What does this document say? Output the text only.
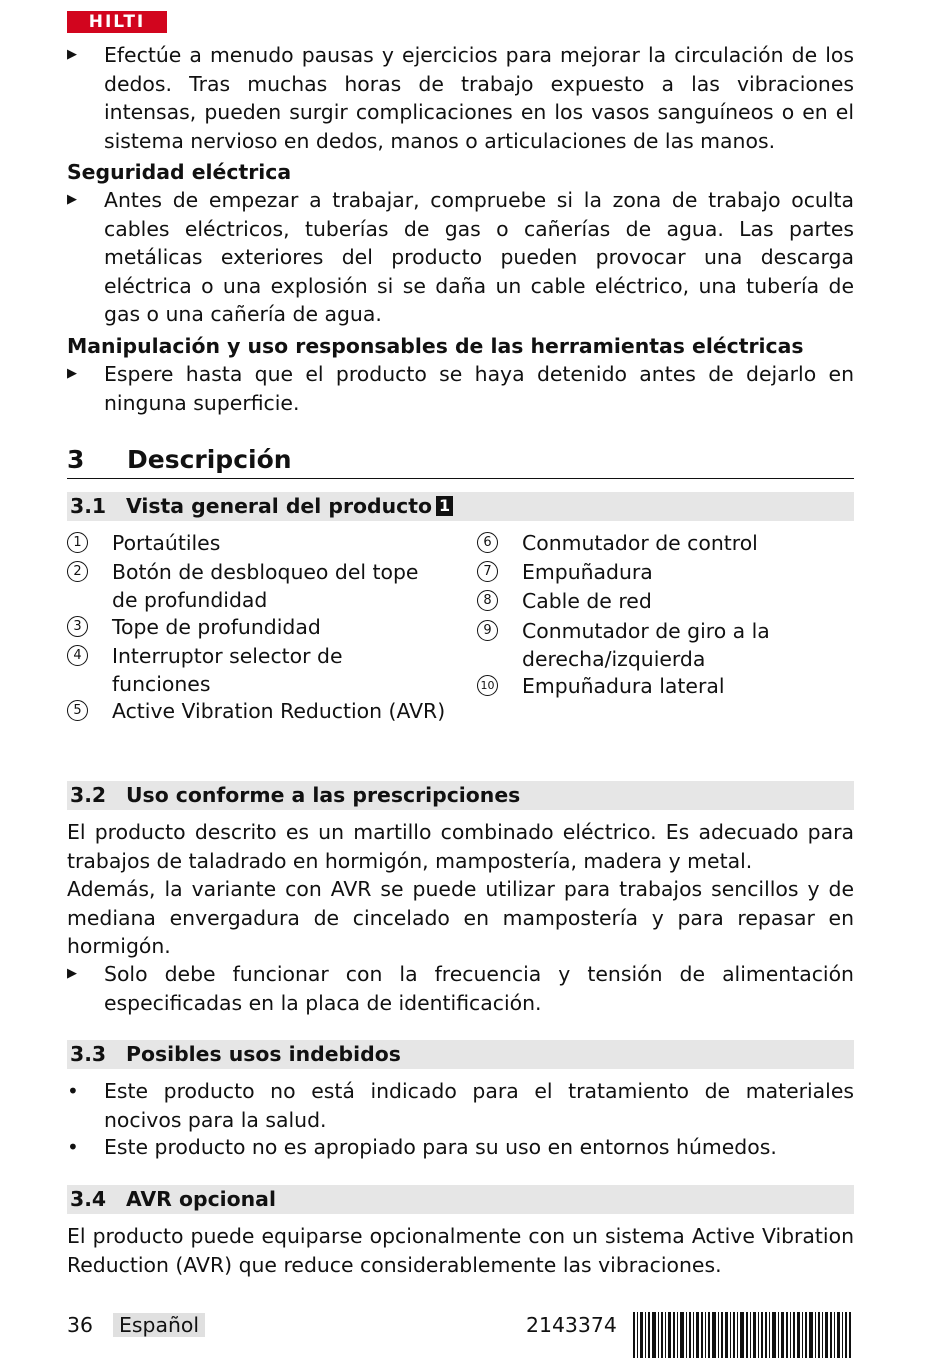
HILTI
▶	Efectúe a menudo pausas y ejercicios para mejorar la circulación de los dedos. Tras muchas horas de trabajo expuesto a las vibraciones intensas, pueden surgir complicaciones en los vasos sanguíneos o en el sistema nervioso en dedos, manos o articulaciones de las manos.
Seguridad eléctrica
▶	Antes de empezar a trabajar, compruebe si la zona de trabajo oculta cables eléctricos, tuberías de gas o cañerías de agua. Las partes metálicas exteriores del producto pueden provocar una descarga eléctrica o una explosión si se daña un cable eléctrico, una tubería de gas o una cañería de agua.
Manipulación y uso responsables de las herramientas eléctricas
▶	Espere hasta que el producto se haya detenido antes de dejarlo en ninguna superficie.
3 Descripción
3.1 Vista general del producto 1
1	Portaútiles
2	Botón de desbloqueo del tope de profundidad
3	Tope de profundidad
4	Interruptor selector de funciones
5	Active Vibration Reduction (AVR)
6	Conmutador de control
7	Empuñadura
8	Cable de red
9	Conmutador de giro a la derecha/izquierda
10 Empuñadura lateral
3.2 Uso conforme a las prescripciones
El producto descrito es un martillo combinado eléctrico. Es adecuado para trabajos de taladrado en hormigón, mampostería, madera y metal.
Además, la variante con AVR se puede utilizar para trabajos sencillos y de mediana envergadura de cincelado en mampostería y para repasar en hormigón.
▶	Solo debe funcionar con la frecuencia y tensión de alimentación especificadas en la placa de identificación.
3.3 Posibles usos indebidos
•	Este producto no está indicado para el tratamiento de materiales nocivos para la salud.
•	Este producto no es apropiado para su uso en entornos húmedos.
3.4 AVR opcional
El producto puede equiparse opcionalmente con un sistema Active Vibration Reduction (AVR) que reduce considerablemente las vibraciones.
36 Español	2143374
